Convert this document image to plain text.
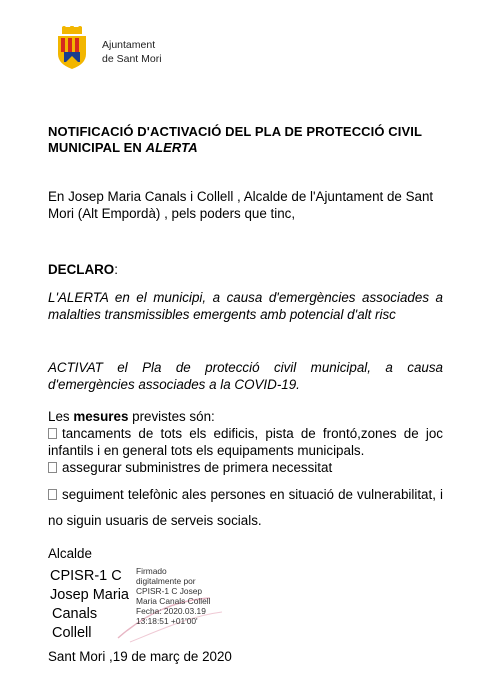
Ajuntament
de Sant Mori
NOTIFICACIÓ D'ACTIVACIÓ DEL PLA DE PROTECCIÓ CIVIL MUNICIPAL EN ALERTA
En Josep Maria Canals i Collell , Alcalde de l'Ajuntament de Sant Mori (Alt Empordà) , pels poders que tinc,
DECLARO:
L'ALERTA en el municipi, a causa d'emergències associades a malalties transmissibles emergents amb potencial d'alt risc
ACTIVAT el Pla de protecció civil municipal, a causa d'emergències associades a la COVID-19.
Les mesures previstes són:
tancaments de tots els edificis, pista de frontó,zones de joc infantils i en general tots els equipaments municipals.
assegurar subministres de primera necessitat
seguiment telefònic ales persones en situació de vulnerabilitat, i no siguin usuaris de serveis socials.
Alcalde
CPISR-1 C
Josep Maria
Canals
Collell
Firmado
digitalmente por
CPISR-1 C Josep
Maria Canals Collell
Fecha: 2020.03.19
13:18:51 +01'00'
Sant Mori ,19 de març de 2020
